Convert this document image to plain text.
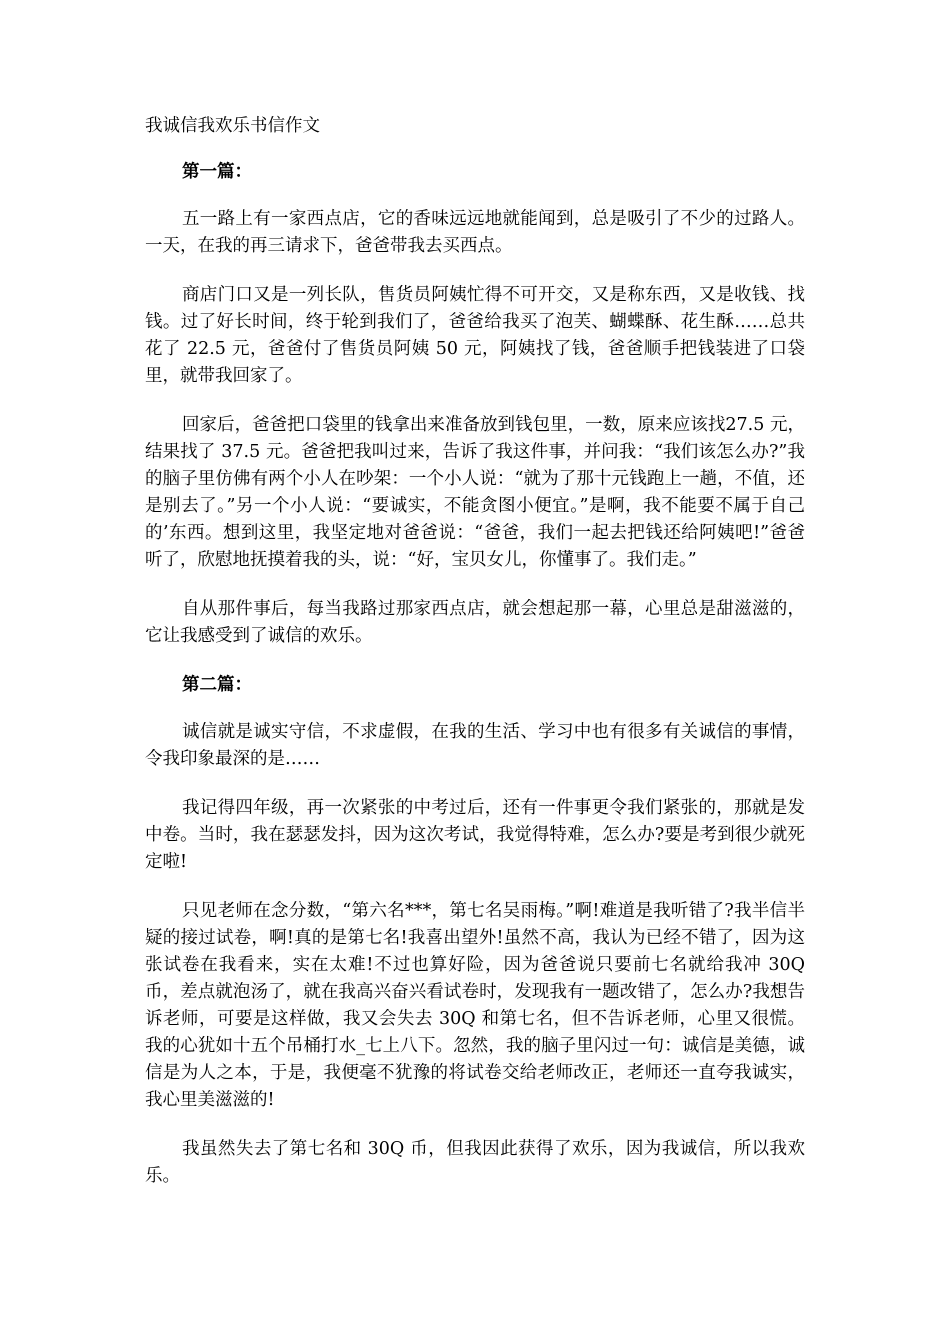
我诚信我欢乐书信作文
第一篇：

五一路上有一家西点店，它的香味远远地就能闻到，总是吸引了不少的过路人。一天，在我的再三请求下，爸爸带我去买西点。

商店门口又是一列长队，售货员阿姨忙得不可开交，又是称东西，又是收钱、找钱。过了好长时间，终于轮到我们了，爸爸给我买了泡芙、蝴蝶酥、花生酥……总共花了 22.5 元，爸爸付了售货员阿姨 50 元，阿姨找了钱，爸爸顺手把钱装进了口袋里，就带我回家了。

回家后，爸爸把口袋里的钱拿出来准备放到钱包里，一数，原来应该找27.5 元，结果找了 37.5 元。爸爸把我叫过来，告诉了我这件事，并问我：“我们该怎么办?”我的脑子里仿佛有两个小人在吵架：一个小人说：“就为了那十元钱跑上一趟，不值，还是别去了。”另一个小人说：“要诚实，不能贪图小便宜。”是啊，我不能要不属于自己的’东西。想到这里，我坚定地对爸爸说：“爸爸，我们一起去把钱还给阿姨吧!”爸爸听了，欣慰地抚摸着我的头，说：“好，宝贝女儿，你懂事了。我们走。”

自从那件事后，每当我路过那家西点店，就会想起那一幕，心里总是甜滋滋的，它让我感受到了诚信的欢乐。

第二篇：

诚信就是诚实守信，不求虚假，在我的生活、学习中也有很多有关诚信的事情，令我印象最深的是……

我记得四年级，再一次紧张的中考过后，还有一件事更令我们紧张的，那就是发中卷。当时，我在瑟瑟发抖，因为这次考试，我觉得特难，怎么办?要是考到很少就死定啦!

只见老师在念分数，“第六名***，第七名吴雨梅。”啊!难道是我听错了?我半信半疑的接过试卷，啊!真的是第七名!我喜出望外!虽然不高，我认为已经不错了，因为这张试卷在我看来，实在太难!不过也算好险，因为爸爸说只要前七名就给我冲 30Q 币，差点就泡汤了，就在我高兴奋兴看试卷时，发现我有一题改错了，怎么办?我想告诉老师，可要是这样做，我又会失去 30Q 和第七名，但不告诉老师，心里又很慌。我的心犹如十五个吊桶打水_七上八下。忽然，我的脑子里闪过一句：诚信是美德，诚信是为人之本，于是，我便毫不犹豫的将试卷交给老师改正，老师还一直夸我诚实，我心里美滋滋的!

我虽然失去了第七名和 30Q 币，但我因此获得了欢乐，因为我诚信，所以我欢乐。
